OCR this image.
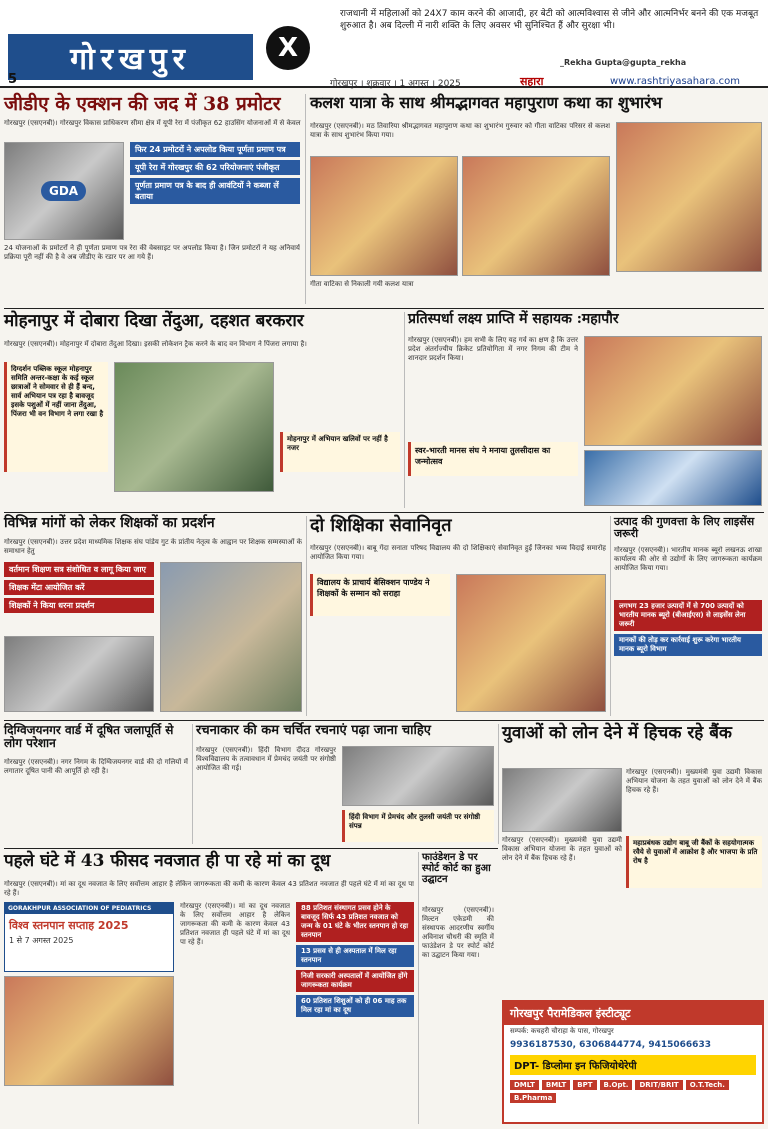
गोरखपुर
5
X
राजधानी में महिलाओं को 24X7 काम करने की आजादी, हर बेटी को आत्मविश्वास से जीने और आत्मनिर्भर बनने की एक मजबूत शुरुआत है। अब दिल्ली में नारी शक्ति के लिए अवसर भी सुनिश्चित हैं और सुरक्षा भी।
_Rekha Gupta@gupta_rekha
गोरखपुर । शुक्रवार । 1 अगस्त । 2025	सहारा	www.rashtriyasahara.com
जीडीए के एक्शन की जद में 38 प्रमोटर
गोरखपुर (एसएनबी)। गोरखपुर विकास प्राधिकरण सीमा क्षेत्र में यूपी रेरा में पंजीकृत 62 हाउसिंग योजनाओं में से केवल
GDA
फिर 24 प्रमोटरों ने अपलोड किया पूर्णता प्रमाण पत्र
यूपी रेरा में गोरखपुर की 62 परियोजनाएं पंजीकृत
पूर्णता प्रमाण पत्र के बाद ही आवंटियों ने कब्जा लें बताया
24 योजनाओं के प्रमोटरों ने ही पूर्णता प्रमाण पत्र रेरा की वेबसाइट पर अपलोड किया है। जिन प्रमोटरों ने यह अनिवार्य प्रक्रिया पूरी नहीं की है वे अब जीडीए के रडार पर आ गये हैं।
कलश यात्रा के साथ श्रीमद्भागवत महापुराण कथा का शुभारंभ
गोरखपुर (एसएनबी)। मठ तिवारिया श्रीमद्भागवत महापुराण कथा का शुभारंभ गुरुवार को गीता वाटिका परिसर से कलश यात्रा के साथ शुभारंभ किया गया।
गीता वाटिका से निकाली गयी कलश यात्रा
मोहनापुर में दोबारा दिखा तेंदुआ, दहशत बरकरार
गोरखपुर (एसएनबी)। मोहनापुर में दोबारा तेंदुआ दिखा। इसकी लोकेशन ट्रैक करने के बाद वन विभाग ने पिंजरा लगाया है।
दिग्दर्शन पब्लिक स्कूल मोहनापुर समिति अन्तर-कक्षा के कई स्कूल छात्राओं ने सोमवार से ही हैं बन्द, सार्व अभियान पत्र रहा है बावजूद इसके पशुओं में नहीं जाना तेंदुआ, पिंजरा भी वन विभाग ने लगा रखा है
मोहनापुर में अभियान खलिवों पर नहीं है नजर
प्रतिस्पर्धा लक्ष्य प्राप्ति में सहायक :महापौर
गोरखपुर (एसएनबी)। हम सभी के लिए यह गर्व का क्षण है कि उत्तर प्रदेश अंतर्राज्यीय क्रिकेट प्रतियोगिता में नगर निगम की टीम ने शानदार प्रदर्शन किया।
स्वर-भारती मानस संघ ने मनाया तुलसीदास का जन्मोत्सव
विभिन्न मांगों को लेकर शिक्षकों का प्रदर्शन
गोरखपुर (एसएनबी)। उत्तर प्रदेश माध्यमिक शिक्षक संघ पांडेय गुट के प्रांतीय नेतृत्व के आह्वान पर शिक्षक सम्मस्याओं के समाधान हेतु
वर्तमान शिक्षण सत्र संशोधित व लागू किया जाए
शिक्षक मेंटा आयोजित करें
शिक्षकों ने किया धरना प्रदर्शन
दो शिक्षिका सेवानिवृत
गोरखपुर (एसएनबी)। बाबू गेंदा सनाता परिषद विद्यालय की दो शिक्षिकाएं सेवानिवृत हुईं जिनका भव्य विदाई समारोह आयोजित किया गया।
विद्यालय के प्राचार्य बेसिक्शन पाण्डेय ने शिक्षकों के सम्मान को सराहा
उत्पाद की गुणवत्ता के लिए लाइसेंस जरूरी
गोरखपुर (एसएनबी)। भारतीय मानक ब्यूरो लखनऊ शाखा कार्यालय की ओर से उद्योगों के लिए जागरूकता कार्यक्रम आयोजित किया गया।
लगभग 23 हजार उत्पादों में से 700 उत्पादों को भारतीय मानक ब्यूरो (बीआईएस) से लाइसेंस लेना जरूरी
मानकों की तोड़ कर कार्रवाई शुरू करेगा भारतीय मानक ब्यूरो विभाग
दिग्विजयनगर वार्ड में दूषित जलापूर्ति से लोग परेशान
गोरखपुर (एसएनबी)। नगर निगम के दिग्विजयनगर वार्ड की दो गलियों में लगातार दूषित पानी की आपूर्ति हो रही है।
रचनाकार की कम चर्चित रचनाएं पढ़ा जाना चाहिए
गोरखपुर (एसएनबी)। हिंदी विभाग दीदउ गोरखपुर विश्वविद्यालय के तत्वावधान में प्रेमचंद जयंती पर संगोष्ठी आयोजित की गई।
हिंदी विभाग में प्रेमचंद और तुलसी जयंती पर संगोष्ठी संपन्न
युवाओं को लोन देने में हिचक रहे बैंक
गोरखपुर (एसएनबी)। मुख्यमंत्री युवा उद्यमी विकास अभियान योजना के तहत युवाओं को लोन देने में बैंक हिचक रहे हैं।
महाप्रबंधक उद्योग बाबू जी बैंकों के सहयोगात्मक रवैये से युवाओं में आक्रोश है और भाजपा के प्रति रोष है
गोरखपुर (एसएनबी)। मुख्यमंत्री युवा उद्यमी विकास अभियान योजना के तहत युवाओं को लोन देने में बैंक हिचक रहे हैं।
पहले घंटे में 43 फीसद नवजात ही पा रहे मां का दूध
गोरखपुर (एसएनबी)। मां का दूध नवजात के लिए सर्वोत्तम आहार है लेकिन जागरूकता की कमी के कारण केवल 43 प्रतिशत नवजात ही पहले घंटे में मां का दूध पा रहे हैं।
GORAKHPUR ASSOCIATION OF PEDIATRICS
विश्व स्तनपान सप्ताह 2025
1 से 7 अगस्त 2025
गोरखपुर (एसएनबी)। मां का दूध नवजात के लिए सर्वोत्तम आहार है लेकिन जागरूकता की कमी के कारण केवल 43 प्रतिशत नवजात ही पहले घंटे में मां का दूध पा रहे हैं।
88 प्रतिशत संस्थागत प्रसव होने के बावजूद सिर्फ 43 प्रतिशत नवजात को जन्म के 01 घंटे के भीतर स्तनपान हो रहा स्तनपान
13 प्रसव से ही अस्पताल में मिल रहा स्तनपान
निजी सरकारी अस्पतालों में आयोजित होंगे जागरूकता कार्यक्रम
60 प्रतिशत शिशुओं को ही 06 माह तक मिल रहा मां का दूध
फाउंडेशन डे पर स्पोर्ट कोर्ट का हुआ उद्घाटन
गोरखपुर (एसएनबी)। मिल्टन एकेडमी की संस्थापक आदरणीय स्वर्गीय अविनाश चौधरी की स्मृति में फाउंडेशन डे पर स्पोर्ट कोर्ट का उद्घाटन किया गया।
गोरखपुर पैरामेडिकल इंस्टीट्यूट
सम्पर्क: कचहरी चौराहा के पास, गोरखपुर
9936187530, 6306844774, 9415066633
DPT- डिप्लोमा इन फिजियोथेरेपी
DMLT	BMLT	BPT	B.Opt.	DRIT/BRIT	O.T.Tech.
B.Pharma
